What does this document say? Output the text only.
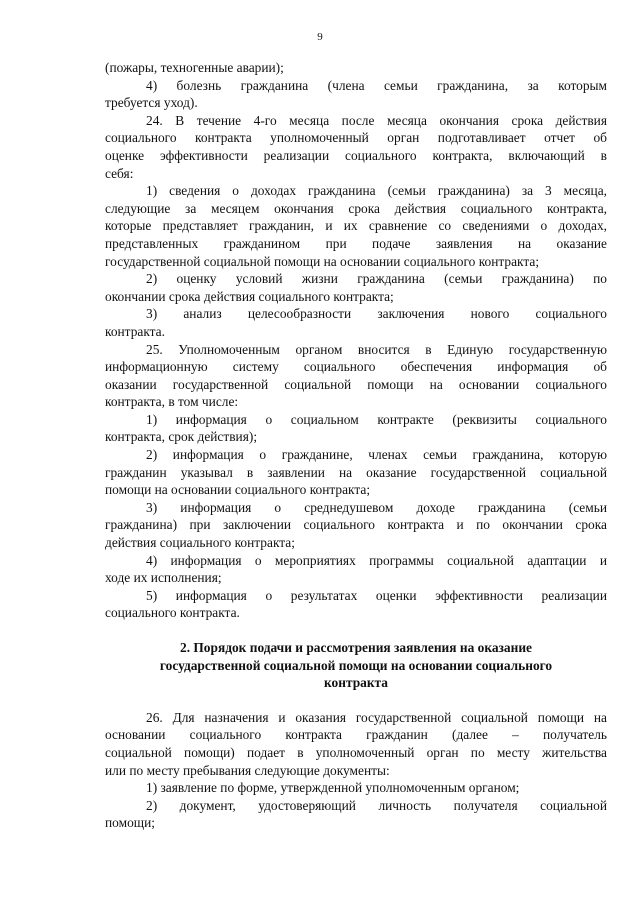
9
(пожары, техногенные аварии);
4) болезнь гражданина (члена семьи гражданина, за которым
требуется уход).
24. В течение 4-го месяца после месяца окончания срока действия
социального контракта уполномоченный орган подготавливает отчет об
оценке эффективности реализации социального контракта, включающий в
себя:
1) сведения о доходах гражданина (семьи гражданина) за 3 месяца,
следующие за месяцем окончания срока действия социального контракта,
которые представляет гражданин, и их сравнение со сведениями о доходах,
представленных гражданином при подаче заявления на оказание
государственной социальной помощи на основании социального контракта;
2) оценку условий жизни гражданина (семьи гражданина) по
окончании срока действия социального контракта;
3) анализ целесообразности заключения нового социального
контракта.
25. Уполномоченным органом вносится в Единую государственную
информационную систему социального обеспечения информация об
оказании государственной социальной помощи на основании социального
контракта, в том числе:
1) информация о социальном контракте (реквизиты социального
контракта, срок действия);
2) информация о гражданине, членах семьи гражданина, которую
гражданин указывал в заявлении на оказание государственной социальной
помощи на основании социального контракта;
3) информация о среднедушевом доходе гражданина (семьи
гражданина) при заключении социального контракта и по окончании срока
действия социального контракта;
4) информация о мероприятиях программы социальной адаптации и
ходе их исполнения;
5) информация о результатах оценки эффективности реализации
социального контракта.
2. Порядок подачи и рассмотрения заявления на оказание
государственной социальной помощи на основании социального
контракта
26. Для назначения и оказания государственной социальной помощи на
основании социального контракта гражданин (далее – получатель
социальной помощи) подает в уполномоченный орган по месту жительства
или по месту пребывания следующие документы:
1) заявление по форме, утвержденной уполномоченным органом;
2) документ, удостоверяющий личность получателя социальной
помощи;
